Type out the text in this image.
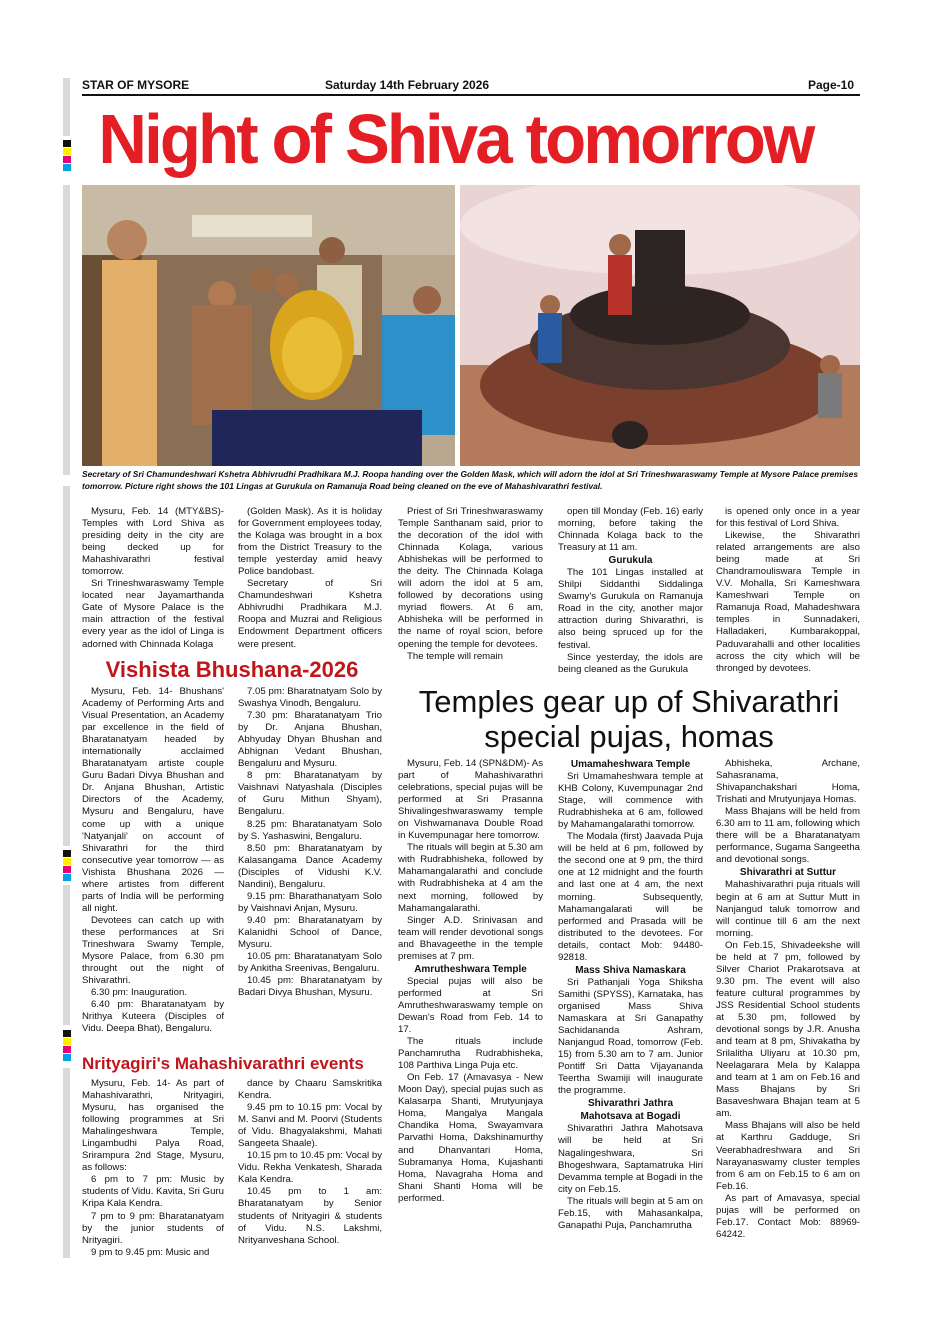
STAR OF MYSORE	Saturday 14th February 2026	Page-10
Night of Shiva tomorrow
Secretary of Sri Chamundeshwari Kshetra Abhivrudhi Pradhikara M.J. Roopa handing over the Golden Mask, which will adorn the idol at Sri Trineshwaraswamy Temple at Mysore Palace premises tomorrow. Picture right shows the 101 Lingas at Gurukula on Ramanuja Road being cleaned on the eve of Mahashivarathri festival.

Mysuru, Feb. 14 (MTY&BS)- Temples with Lord Shiva as presiding deity in the city are being decked up for Mahashivarathri festival tomorrow.

Sri Trineshwaraswamy Temple located near Jayamarthanda Gate of Mysore Palace is the main attraction of the festival every year as the idol of Linga is adorned with Chinnada Kolaga

(Golden Mask). As it is holiday for Government employees today, the Kolaga was brought in a box from the District Treasury to the temple yesterday amid heavy Police bandobast.

Secretary of Sri Chamundeshwari Kshetra Abhivrudhi Pradhikara M.J. Roopa and Muzrai and Religious Endowment Department officers were present.

Priest of Sri Trineshwaraswamy Temple Santhanam said, prior to the decoration of the idol with Chinnada Kolaga, various Abhishekas will be performed to the deity. The Chinnada Kolaga will adorn the idol at 5 am, followed by decorations using myriad flowers. At 6 am, Abhisheka will be performed in the name of royal scion, before opening the temple for devotees.

The temple will remain

open till Monday (Feb. 16) early morning, before taking the Chinnada Kolaga back to the Treasury at 11 am.

Gurukula

The 101 Lingas installed at Shilpi Siddanthi Siddalinga Swamy's Gurukula on Ramanuja Road in the city, another major attraction during Shivarathri, is also being spruced up for the festival.

Since yesterday, the idols are being cleaned as the Gurukula

is opened only once in a year for this festival of Lord Shiva.

Likewise, the Shivarathri related arrangements are also being made at Sri Chandramouliswara Temple in V.V. Mohalla, Sri Kameshwara Kameshwari Temple on Ramanuja Road, Mahadeshwara temples in Sunnadakeri, Halladakeri, Kumbarakoppal, Paduvarahalli and other localities across the city which will be thronged by devotees.

Vishista Bhushana-2026

Mysuru, Feb. 14- Bhushans' Academy of Performing Arts and Visual Presentation, an Academy par excellence in the field of Bharatanatyam headed by internationally acclaimed Bharatanatyam artiste couple Guru Badari Divya Bhushan and Dr. Anjana Bhushan, Artistic Directors of the Academy, Mysuru and Bengaluru, have come up with a unique 'Natyanjali' on account of Shivarathri for the third consecutive year tomorrow — as Vishista Bhushana 2026 — where artistes from different parts of India will be performing all night.

Devotees can catch up with these performances at Sri Trineshwara Swamy Temple, Mysore Palace, from 6.30 pm throught out the night of Shivarathri.

6.30 pm: Inauguration.

6.40 pm: Bharatanatyam by Nrithya Kuteera (Disciples of Vidu. Deepa Bhat), Bengaluru.

7.05 pm: Bharatnatyam Solo by Swashya Vinodh, Bengaluru.

7.30 pm: Bharatanatyam Trio by Dr. Anjana Bhushan, Abhyuday Dhyan Bhushan and Abhignan Vedant Bhushan, Bengaluru and Mysuru.

8 pm: Bharatanatyam by Vaishnavi Natyashala (Disciples of Guru Mithun Shyam), Bengaluru.

8.25 pm: Bharatanatyam Solo by S. Yashaswini, Bengaluru.

8.50 pm: Bharatanatyam by Kalasangama Dance Academy (Disciples of Vidushi K.V. Nandini), Bengaluru.

9.15 pm: Bharathanatyam Solo by Vaishnavi Anjan, Mysuru.

9.40 pm: Bharatanatyam by Kalanidhi School of Dance, Mysuru.

10.05 pm: Bharatanatyam Solo by Ankitha Sreenivas, Bengaluru.

10.45 pm: Bharatanatyam by Badari Divya Bhushan, Mysuru.

Nrityagiri's Mahashivarathri events

Mysuru, Feb. 14- As part of Mahashivarathri, Nrityagiri, Mysuru, has organised the following programmes at Sri Mahalingeshwara Temple, Lingambudhi Palya Road, Srirampura 2nd Stage, Mysuru, as follows:

6 pm to 7 pm: Music by students of Vidu. Kavita, Sri Guru Kripa Kala Kendra.

7 pm to 9 pm: Bharatanatyam by the junior students of Nrityagiri.

9 pm to 9.45 pm: Music and

dance by Chaaru Samskritika Kendra.

9.45 pm to 10.15 pm: Vocal by M. Sanvi and M. Poorvi (Students of Vidu. Bhagyalakshmi, Mahati Sangeeta Shaale).

10.15 pm to 10.45 pm: Vocal by Vidu. Rekha Venkatesh, Sharada Kala Kendra.

10.45 pm to 1 am: Bharatanatyam by Senior students of Nrityagiri & students of Vidu. N.S. Lakshmi, Nrityanveshana School.

Temples gear up of Shivarathri
special pujas, homas

Mysuru, Feb. 14 (SPN&DM)- As part of Mahashivarathri celebrations, special pujas will be performed at Sri Prasanna Shivalingeshwaraswamy temple on Vishwamanava Double Road in Kuvempunagar here tomorrow.

The rituals will begin at 5.30 am with Rudrabhisheka, followed by Mahamangalarathi and conclude with Rudrabhisheka at 4 am the next morning, followed by Mahamangalarathi.

Singer A.D. Srinivasan and team will render devotional songs and Bhavageethe in the temple premises at 7 pm.

Amrutheshwara Temple

Special pujas will also be performed at Sri Amrutheshwaraswamy temple on Dewan's Road from Feb. 14 to 17.

The rituals include Panchamrutha Rudrabhisheka, 108 Parthiva Linga Puja etc.

On Feb. 17 (Amavasya - New Moon Day), special pujas such as Kalasarpa Shanti, Mrutyunjaya Homa, Mangalya Mangala Chandika Homa, Swayamvara Parvathi Homa, Dakshinamurthy and Dhanvantari Homa, Subramanya Homa, Kujashanti Homa, Navagraha Homa and Shani Shanti Homa will be performed.

Umamaheshwara Temple

Sri Umamaheshwara temple at KHB Colony, Kuvempunagar 2nd Stage, will commence with Rudrabhisheka at 6 am, followed by Mahamangalarathi tomorrow.

The Modala (first) Jaavada Puja will be held at 6 pm, followed by the second one at 9 pm, the third one at 12 midnight and the fourth and last one at 4 am, the next morning. Subsequently, Mahamangalarati will be performed and Prasada will be distributed to the devotees. For details, contact Mob: 94480-92818.

Mass Shiva Namaskara

Sri Pathanjali Yoga Shiksha Samithi (SPYSS), Karnataka, has organised Mass Shiva Namaskara at Sri Ganapathy Sachidananda Ashram, Nanjangud Road, tomorrow (Feb. 15) from 5.30 am to 7 am. Junior Pontiff Sri Datta Vijayananda Teertha Swamiji will inaugurate the programme.

Shivarathri Jathra

Mahotsava at Bogadi

Shivarathri Jathra Mahotsava will be held at Sri Nagalingeshwara, Sri Bhogeshwara, Saptamatruka Hiri Devamma temple at Bogadi in the city on Feb.15.

The rituals will begin at 5 am on Feb.15, with Mahasankalpa, Ganapathi Puja, Panchamrutha

Abhisheka, Archane, Sahasranama, Shivapanchakshari Homa, Trishati and Mrutyunjaya Homas.

Mass Bhajans will be held from 6.30 am to 11 am, following which there will be a Bharatanatyam performance, Sugama Sangeetha and devotional songs.

Shivarathri at Suttur

Mahashivarathri puja rituals will begin at 6 am at Suttur Mutt in Nanjangud taluk tomorrow and will continue till 6 am the next morning.

On Feb.15, Shivadeekshe will be held at 7 pm, followed by Silver Chariot Prakarotsava at 9.30 pm. The event will also feature cultural programmes by JSS Residential School students at 5.30 pm, followed by devotional songs by J.R. Anusha and team at 8 pm, Shivakatha by Srilalitha Uliyaru at 10.30 pm, Neelagarara Mela by Kalappa and team at 1 am on Feb.16 and Mass Bhajans by Sri Basaveshwara Bhajan team at 5 am.

Mass Bhajans will also be held at Karthru Gadduge, Sri Veerabhadreshwara and Sri Narayanaswamy cluster temples from 6 am on Feb.15 to 6 am on Feb.16.

As part of Amavasya, special pujas will be performed on Feb.17. Contact Mob: 88969-64242.
